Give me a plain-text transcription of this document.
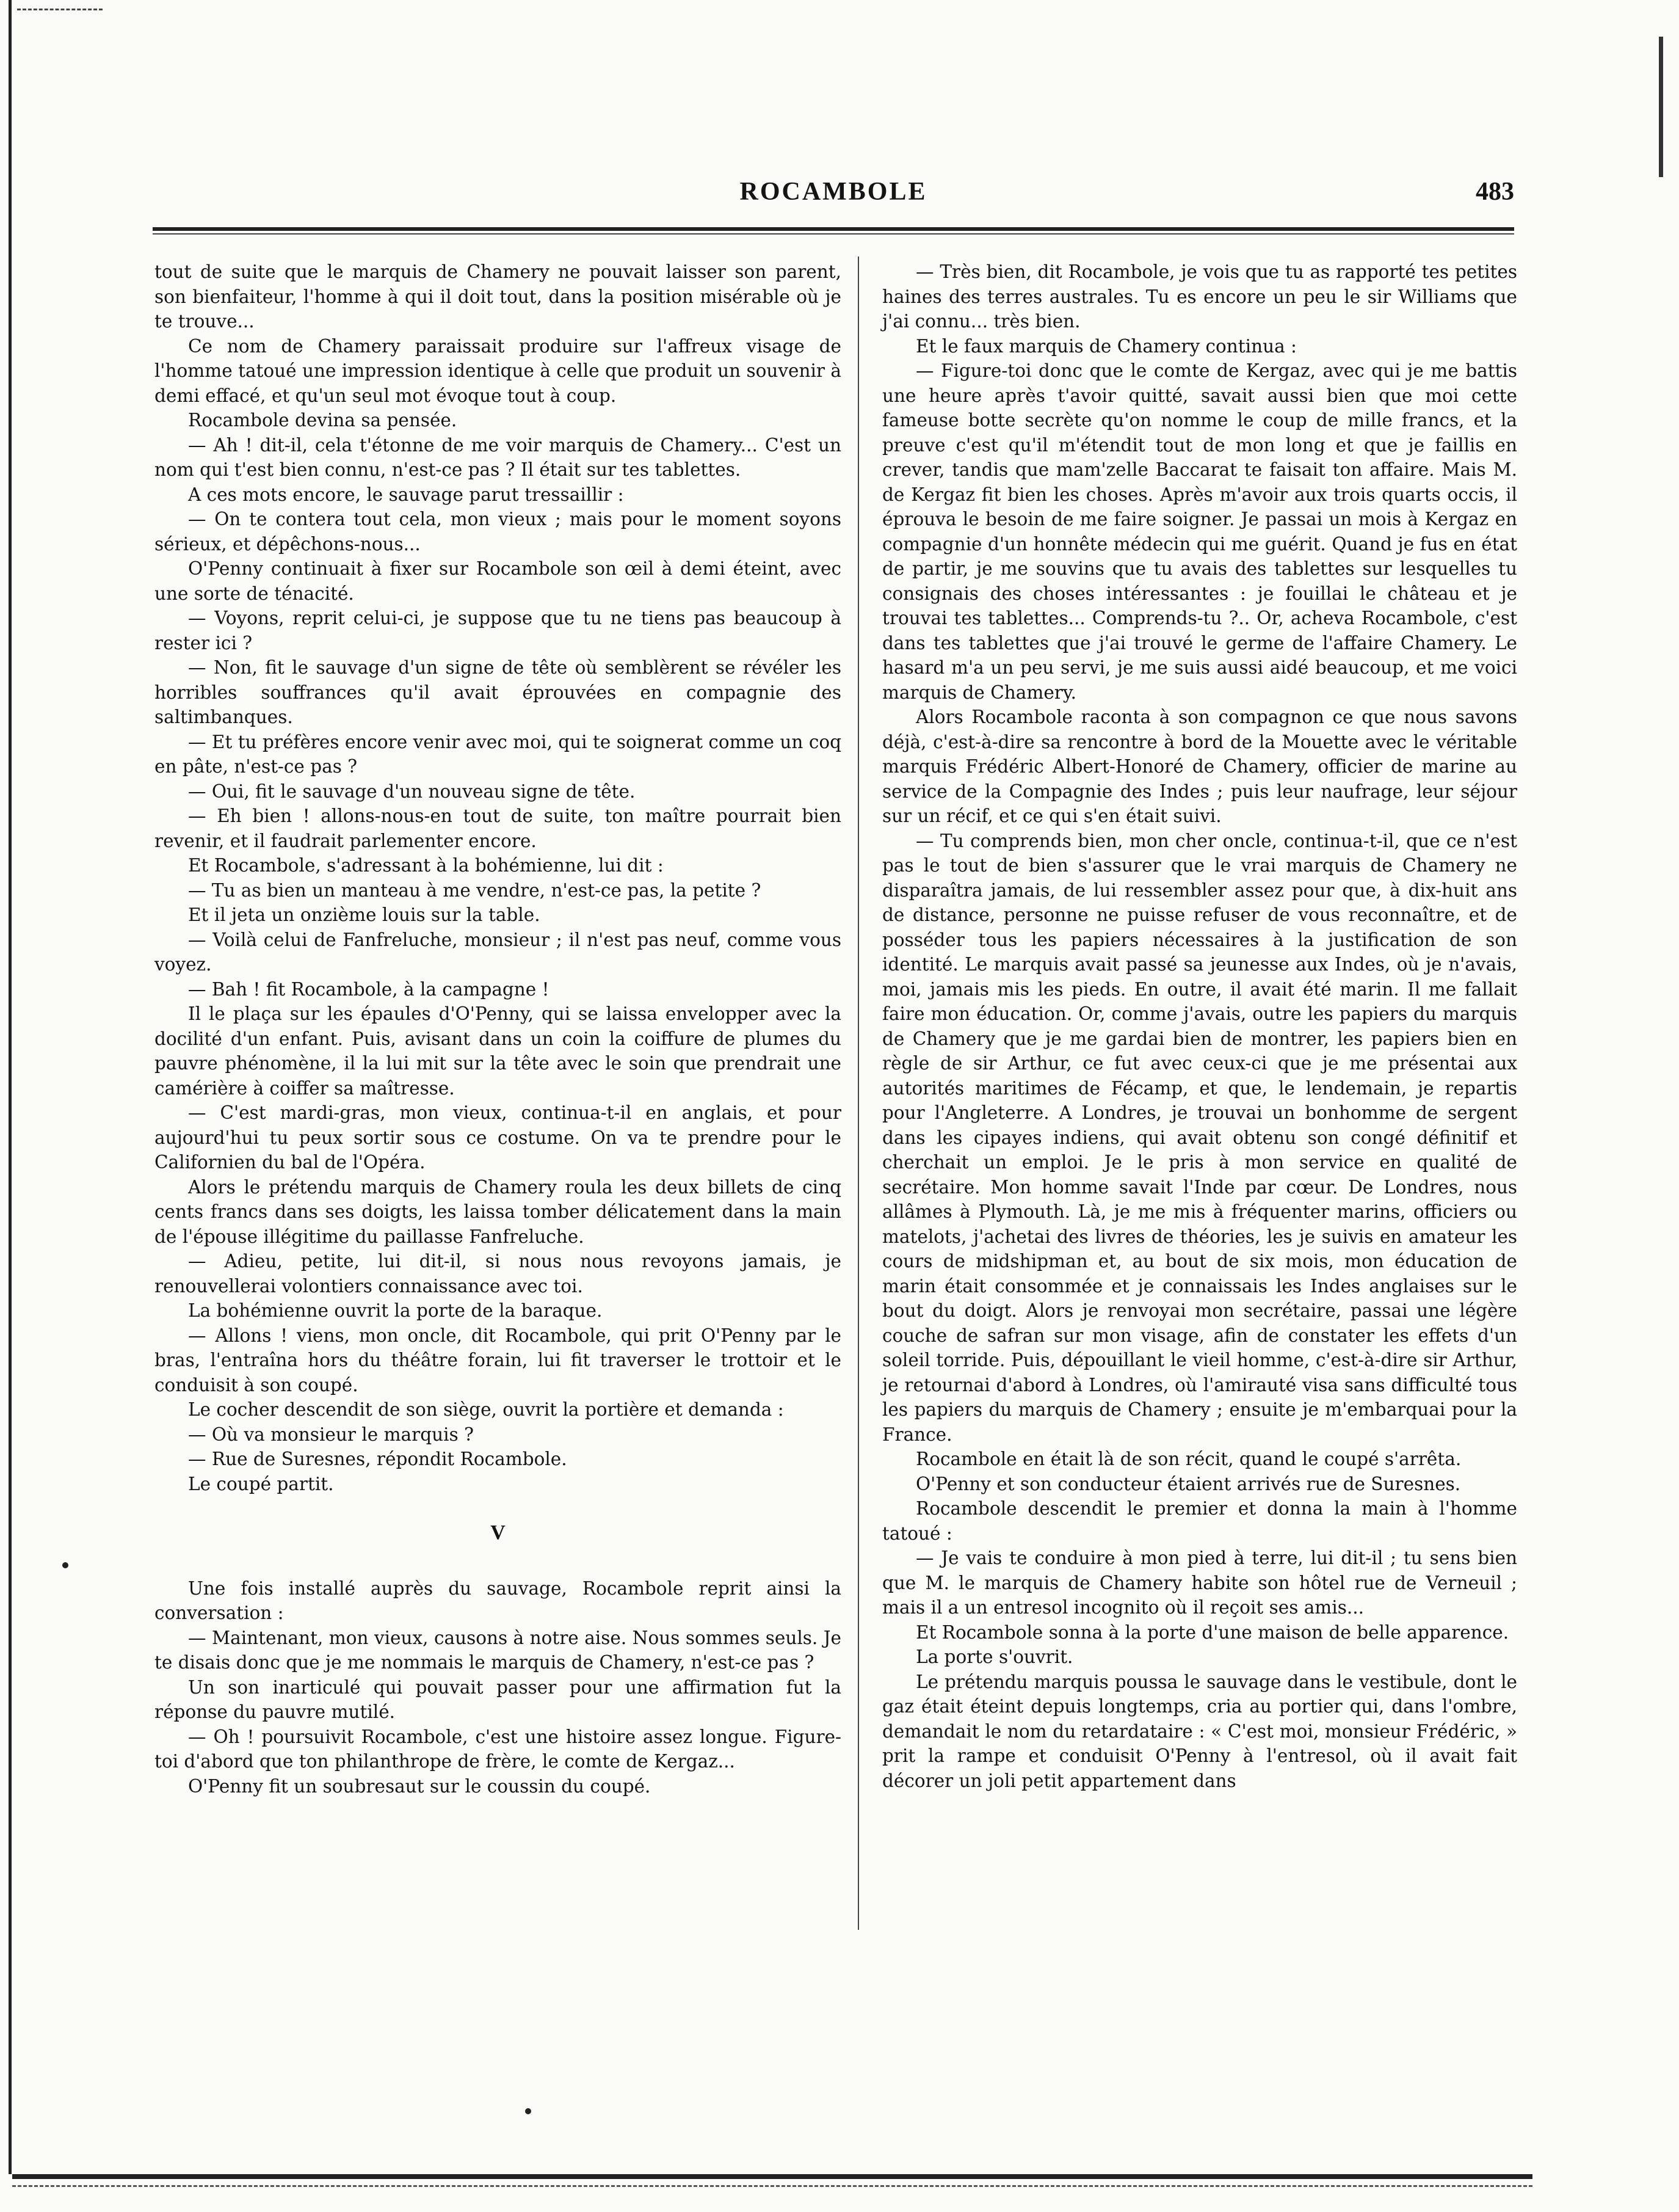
ROCAMBOLE	483

tout de suite que le marquis de Chamery ne pouvait laisser son parent, son bienfaiteur, l'homme à qui il doit tout, dans la position misérable où je te trouve...

Ce nom de Chamery paraissait produire sur l'affreux visage de l'homme tatoué une impression identique à celle que produit un souvenir à demi effacé, et qu'un seul mot évoque tout à coup.

Rocambole devina sa pensée.

— Ah ! dit-il, cela t'étonne de me voir marquis de Chamery... C'est un nom qui t'est bien connu, n'est-ce pas ? Il était sur tes tablettes.

A ces mots encore, le sauvage parut tressaillir :

— On te contera tout cela, mon vieux ; mais pour le moment soyons sérieux, et dépêchons-nous...

O'Penny continuait à fixer sur Rocambole son œil à demi éteint, avec une sorte de ténacité.

— Voyons, reprit celui-ci, je suppose que tu ne tiens pas beaucoup à rester ici ?

— Non, fit le sauvage d'un signe de tête où semblèrent se révéler les horribles souffrances qu'il avait éprouvées en compagnie des saltimbanques.

— Et tu préfères encore venir avec moi, qui te soignerat comme un coq en pâte, n'est-ce pas ?

— Oui, fit le sauvage d'un nouveau signe de tête.

— Eh bien ! allons-nous-en tout de suite, ton maître pourrait bien revenir, et il faudrait parlementer encore.

Et Rocambole, s'adressant à la bohémienne, lui dit :

— Tu as bien un manteau à me vendre, n'est-ce pas, la petite ?

Et il jeta un onzième louis sur la table.

— Voilà celui de Fanfreluche, monsieur ; il n'est pas neuf, comme vous voyez.

— Bah ! fit Rocambole, à la campagne !

Il le plaça sur les épaules d'O'Penny, qui se laissa envelopper avec la docilité d'un enfant. Puis, avisant dans un coin la coiffure de plumes du pauvre phénomène, il la lui mit sur la tête avec le soin que prendrait une camérière à coiffer sa maîtresse.

— C'est mardi-gras, mon vieux, continua-t-il en anglais, et pour aujourd'hui tu peux sortir sous ce costume. On va te prendre pour le Californien du bal de l'Opéra.

Alors le prétendu marquis de Chamery roula les deux billets de cinq cents francs dans ses doigts, les laissa tomber délicatement dans la main de l'épouse illégitime du paillasse Fanfreluche.

— Adieu, petite, lui dit-il, si nous nous revoyons jamais, je renouvellerai volontiers connaissance avec toi.

La bohémienne ouvrit la porte de la baraque.

— Allons ! viens, mon oncle, dit Rocambole, qui prit O'Penny par le bras, l'entraîna hors du théâtre forain, lui fit traverser le trottoir et le conduisit à son coupé.

Le cocher descendit de son siège, ouvrit la portière et demanda :

— Où va monsieur le marquis ?

— Rue de Suresnes, répondit Rocambole.

Le coupé partit.

V

Une fois installé auprès du sauvage, Rocambole reprit ainsi la conversation :

— Maintenant, mon vieux, causons à notre aise. Nous sommes seuls. Je te disais donc que je me nommais le marquis de Chamery, n'est-ce pas ?

Un son inarticulé qui pouvait passer pour une affirmation fut la réponse du pauvre mutilé.

— Oh ! poursuivit Rocambole, c'est une histoire assez longue. Figure-toi d'abord que ton philanthrope de frère, le comte de Kergaz...

O'Penny fit un soubresaut sur le coussin du coupé.

— Très bien, dit Rocambole, je vois que tu as rapporté tes petites haines des terres australes. Tu es encore un peu le sir Williams que j'ai connu... très bien.

Et le faux marquis de Chamery continua :

— Figure-toi donc que le comte de Kergaz, avec qui je me battis une heure après t'avoir quitté, savait aussi bien que moi cette fameuse botte secrète qu'on nomme le coup de mille francs, et la preuve c'est qu'il m'étendit tout de mon long et que je faillis en crever, tandis que mam'zelle Baccarat te faisait ton affaire. Mais M. de Kergaz fit bien les choses. Après m'avoir aux trois quarts occis, il éprouva le besoin de me faire soigner. Je passai un mois à Kergaz en compagnie d'un honnête médecin qui me guérit. Quand je fus en état de partir, je me souvins que tu avais des tablettes sur lesquelles tu consignais des choses intéressantes : je fouillai le château et je trouvai tes tablettes... Comprends-tu ?.. Or, acheva Rocambole, c'est dans tes tablettes que j'ai trouvé le germe de l'affaire Chamery. Le hasard m'a un peu servi, je me suis aussi aidé beaucoup, et me voici marquis de Chamery.

Alors Rocambole raconta à son compagnon ce que nous savons déjà, c'est-à-dire sa rencontre à bord de la Mouette avec le véritable marquis Frédéric Albert-Honoré de Chamery, officier de marine au service de la Compagnie des Indes ; puis leur naufrage, leur séjour sur un récif, et ce qui s'en était suivi.

— Tu comprends bien, mon cher oncle, continua-t-il, que ce n'est pas le tout de bien s'assurer que le vrai marquis de Chamery ne disparaîtra jamais, de lui ressembler assez pour que, à dix-huit ans de distance, personne ne puisse refuser de vous reconnaître, et de posséder tous les papiers nécessaires à la justification de son identité. Le marquis avait passé sa jeunesse aux Indes, où je n'avais, moi, jamais mis les pieds. En outre, il avait été marin. Il me fallait faire mon éducation. Or, comme j'avais, outre les papiers du marquis de Chamery que je me gardai bien de montrer, les papiers bien en règle de sir Arthur, ce fut avec ceux-ci que je me présentai aux autorités maritimes de Fécamp, et que, le lendemain, je repartis pour l'Angleterre. A Londres, je trouvai un bonhomme de sergent dans les cipayes indiens, qui avait obtenu son congé définitif et cherchait un emploi. Je le pris à mon service en qualité de secrétaire. Mon homme savait l'Inde par cœur. De Londres, nous allâmes à Plymouth. Là, je me mis à fréquenter marins, officiers ou matelots, j'achetai des livres de théories, les je suivis en amateur les cours de midshipman et, au bout de six mois, mon éducation de marin était consommée et je connaissais les Indes anglaises sur le bout du doigt. Alors je renvoyai mon secrétaire, passai une légère couche de safran sur mon visage, afin de constater les effets d'un soleil torride. Puis, dépouillant le vieil homme, c'est-à-dire sir Arthur, je retournai d'abord à Londres, où l'amirauté visa sans difficulté tous les papiers du marquis de Chamery ; ensuite je m'embarquai pour la France.

Rocambole en était là de son récit, quand le coupé s'arrêta.

O'Penny et son conducteur étaient arrivés rue de Suresnes.

Rocambole descendit le premier et donna la main à l'homme tatoué :

— Je vais te conduire à mon pied à terre, lui dit-il ; tu sens bien que M. le marquis de Chamery habite son hôtel rue de Verneuil ; mais il a un entresol incognito où il reçoit ses amis...

Et Rocambole sonna à la porte d'une maison de belle apparence.

La porte s'ouvrit.

Le prétendu marquis poussa le sauvage dans le vestibule, dont le gaz était éteint depuis longtemps, cria au portier qui, dans l'ombre, demandait le nom du retardataire : « C'est moi, monsieur Frédéric, » prit la rampe et conduisit O'Penny à l'entresol, où il avait fait décorer un joli petit appartement dans
